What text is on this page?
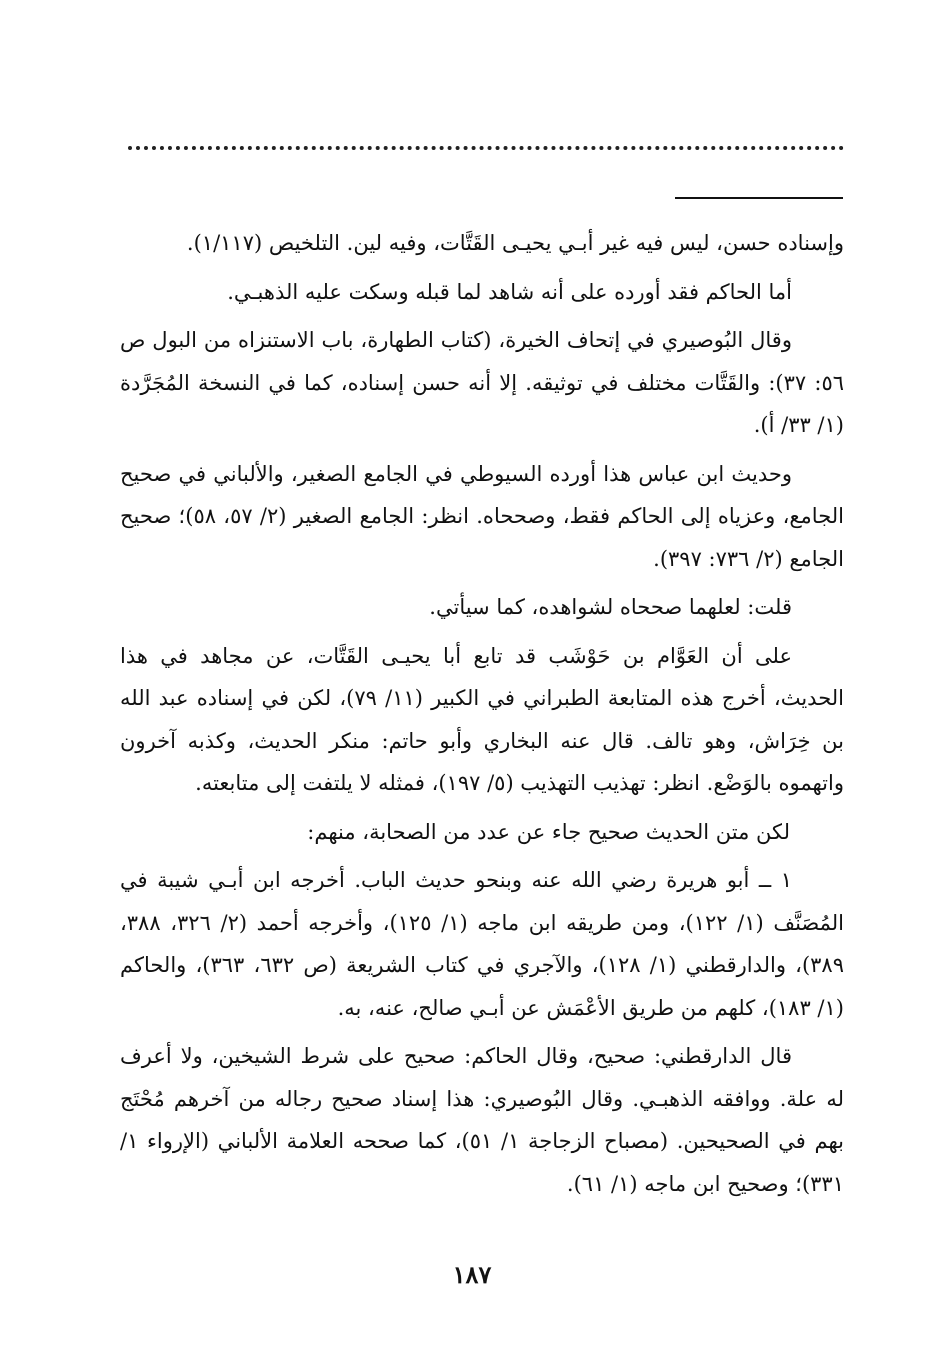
وإسناده حسن، ليس فيه غير أبـي يحيـى القَتَّات، وفيه لين. التلخيص (١/١١٧).

أما الحاكم فقد أورده على أنه شاهد لما قبله وسكت عليه الذهبـي.

وقال البُوصيري في إتحاف الخيرة، (كتاب الطهارة، باب الاستنزاه من البول ص ٥٦: ٣٧): والقَتَّات مختلف في توثيقه. إلا أنه حسن إسناده، كما في النسخة المُجَرَّدة (١/ ٣٣/ أ).

وحديث ابن عباس هذا أورده السيوطي في الجامع الصغير، والألباني في صحيح الجامع، وعزياه إلى الحاكم فقط، وصححاه. انظر: الجامع الصغير (٢/ ٥٧، ٥٨)؛ صحيح الجامع (٢/ ٧٣٦: ٣٩٧).

قلت: لعلهما صححاه لشواهده، كما سيأتي.

على أن العَوَّام بن حَوْشَب قد تابع أبا يحيـى القَتَّات، عن مجاهد في هذا الحديث، أخرج هذه المتابعة الطبراني في الكبير (١١/ ٧٩)، لكن في إسناده عبد الله بن خِرَاش، وهو تالف. قال عنه البخاري وأبو حاتم: منكر الحديث، وكذبه آخرون واتهموه بالوَضْع. انظر: تهذيب التهذيب (٥/ ١٩٧)، فمثله لا يلتفت إلى متابعته.

لكن متن الحديث صحيح جاء عن عدد من الصحابة، منهم:

١ ــ أبو هريرة رضي الله عنه وبنحو حديث الباب. أخرجه ابن أبـي شيبة في المُصَنَّف (١/ ١٢٢)، ومن طريقه ابن ماجه (١/ ١٢٥)، وأخرجه أحمد (٢/ ٣٢٦، ٣٨٨، ٣٨٩)، والدارقطني (١/ ١٢٨)، والآجري في كتاب الشريعة (ص ٦٣٢، ٣٦٣)، والحاكم (١/ ١٨٣)، كلهم من طريق الأعْمَش عن أبـي صالح، عنه، به.

قال الدارقطني: صحيح، وقال الحاكم: صحيح على شرط الشيخين، ولا أعرف له علة. ووافقه الذهبـي. وقال البُوصيري: هذا إسناد صحيح رجاله من آخرهم مُحْتَج بهم في الصحيحين. (مصباح الزجاجة ١/ ٥١)، كما صححه العلامة الألباني (الإرواء ١/ ٣٣١)؛ وصحيح ابن ماجه (١/ ٦١).

١٨٧
